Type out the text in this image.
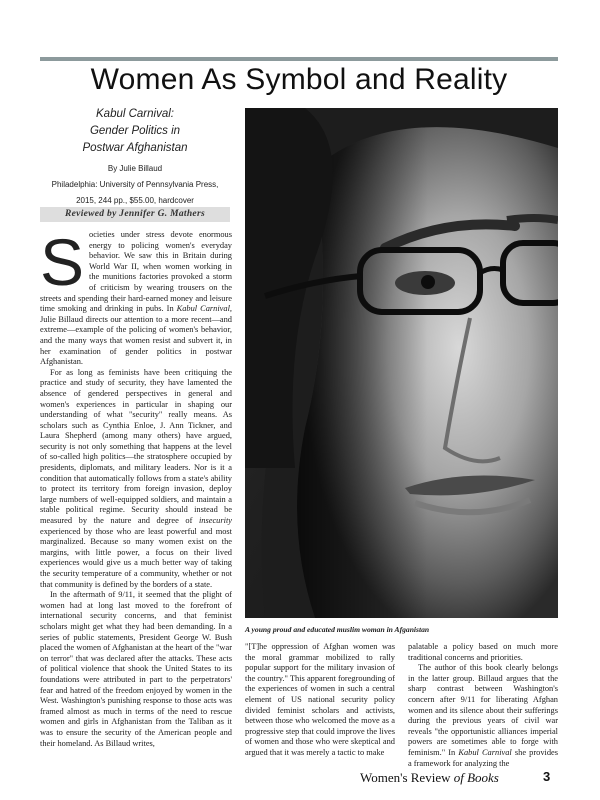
Women As Symbol and Reality
Kabul Carnival:
Gender Politics in
Postwar Afghanistan
By Julie Billaud
Philadelphia: University of Pennsylvania Press,
2015, 244 pp., $55.00, hardcover
Reviewed by Jennifer G. Mathers
A young proud and educated muslim woman in Afganistan

Societies under stress devote enormous energy to policing women's everyday behavior. We saw this in Britain during World War II, when women working in the munitions factories provoked a storm of criticism by wearing trousers on the streets and spending their hard-earned money and leisure time smoking and drinking in pubs. In Kabul Carnival, Julie Billaud directs our attention to a more recent—and extreme—example of the policing of women's behavior, and the many ways that women resist and subvert it, in her examination of gender politics in postwar Afghanistan.

For as long as feminists have been critiquing the practice and study of security, they have lamented the absence of gendered perspectives in general and women's experiences in particular in shaping our understanding of what "security" really means. As scholars such as Cynthia Enloe, J. Ann Tickner, and Laura Shepherd (among many others) have argued, security is not only something that happens at the level of so-called high politics—the stratosphere occupied by presidents, diplomats, and military leaders. Nor is it a condition that automatically follows from a state's ability to protect its territory from foreign invasion, deploy large numbers of well-equipped soldiers, and maintain a stable political regime. Security should instead be measured by the nature and degree of insecurity experienced by those who are least powerful and most marginalized. Because so many women exist on the margins, with little power, a focus on their lived experiences would give us a much better way of taking the security temperature of a community, whether or not that community is defined by the borders of a state.

In the aftermath of 9/11, it seemed that the plight of women had at long last moved to the forefront of international security concerns, and that feminist scholars might get what they had been demanding. In a series of public statements, President George W. Bush placed the women of Afghanistan at the heart of the "war on terror" that was declared after the attacks. These acts of political violence that shook the United States to its foundations were attributed in part to the perpetrators' fear and hatred of the freedom enjoyed by women in the West. Washington's punishing response to those acts was framed almost as much in terms of the need to rescue women and girls in Afghanistan from the Taliban as it was to ensure the security of the American people and their homeland. As Billaud writes,

"[T]he oppression of Afghan women was the moral grammar mobilized to rally popular support for the military invasion of the country." This apparent foregrounding of the experiences of women in such a central element of US national security policy divided feminist scholars and activists, between those who welcomed the move as a progressive step that could improve the lives of women and those who were skeptical and argued that it was merely a tactic to make

palatable a policy based on much more traditional concerns and priorities.

The author of this book clearly belongs in the latter group. Billaud argues that the sharp contrast between Washington's concern after 9/11 for liberating Afghan women and its silence about their sufferings during the previous years of civil war reveals "the opportunistic alliances imperial powers are sometimes able to forge with feminism." In Kabul Carnival she provides a framework for analyzing the

Women's Review of Books	3
